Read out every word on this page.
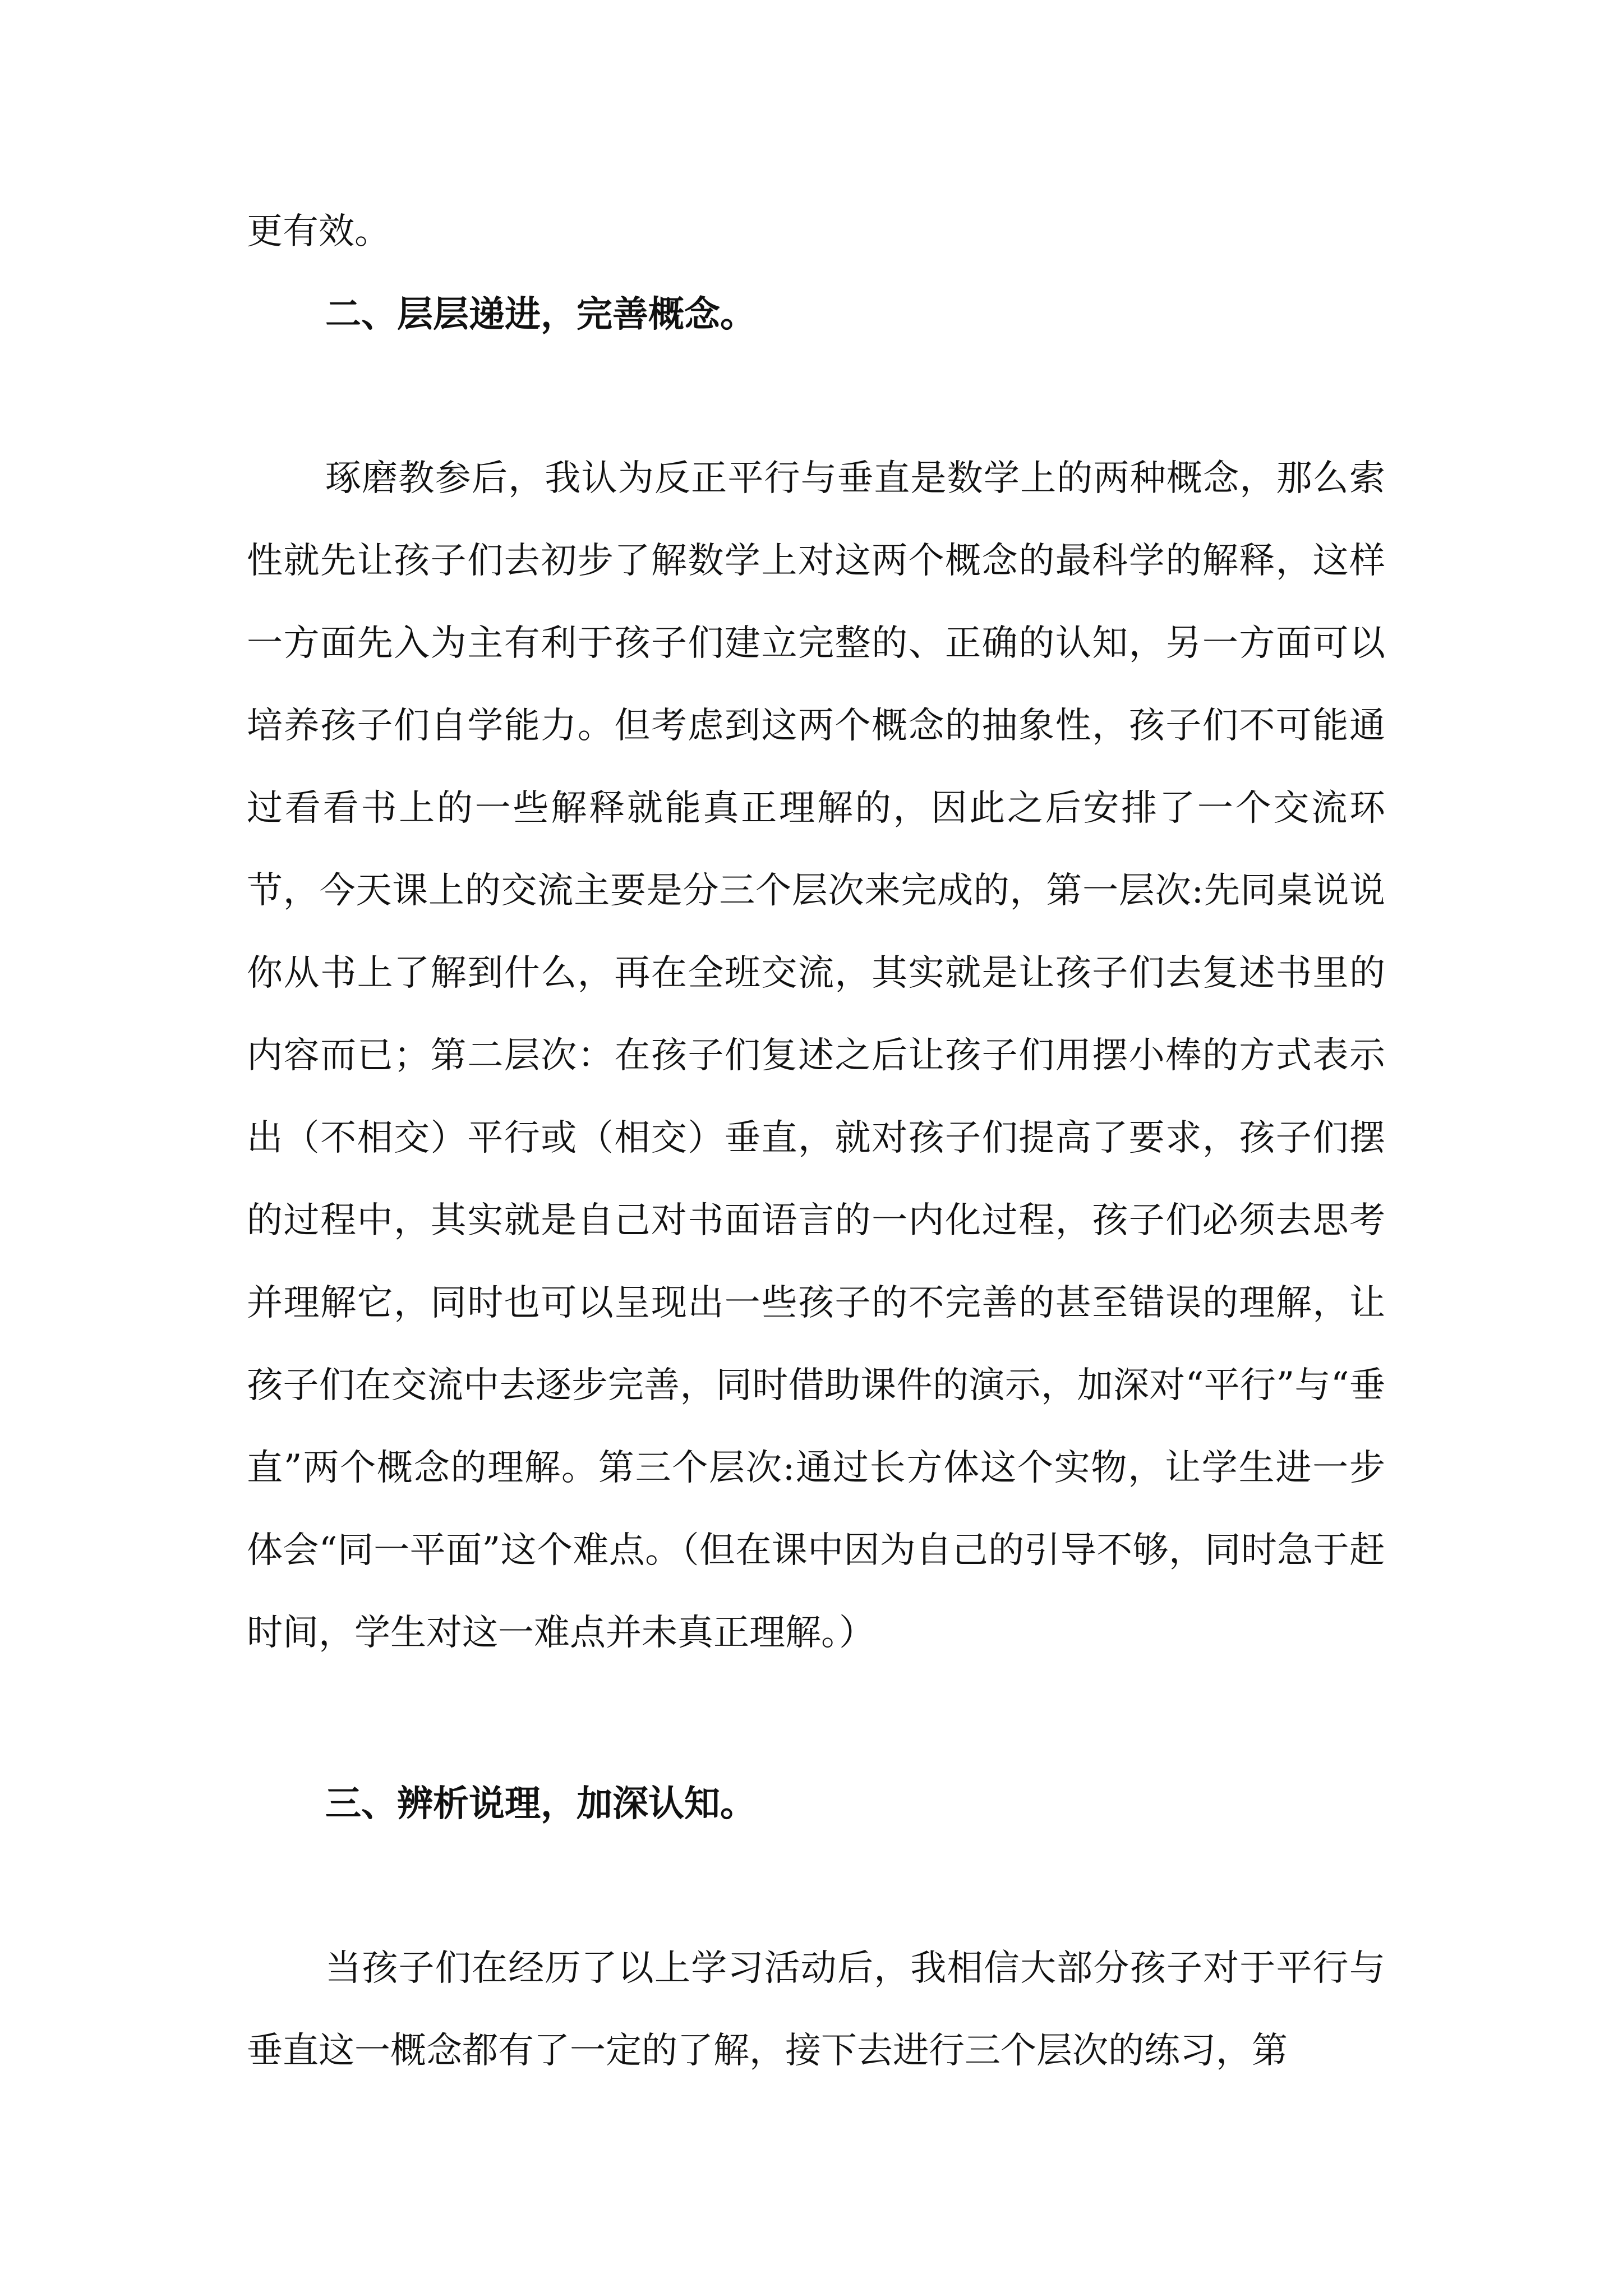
更有效。

二、层层递进，完善概念。

琢磨教参后，我认为反正平行与垂直是数学上的两种概念，那么索性就先让孩子们去初步了解数学上对这两个概念的最科学的解释，这样一方面先入为主有利于孩子们建立完整的、正确的认知，另一方面可以培养孩子们自学能力。但考虑到这两个概念的抽象性，孩子们不可能通过看看书上的一些解释就能真正理解的，因此之后安排了一个交流环节，今天课上的交流主要是分三个层次来完成的，第一层次:先同桌说说你从书上了解到什么，再在全班交流，其实就是让孩子们去复述书里的内容而已；第二层次：在孩子们复述之后让孩子们用摆小棒的方式表示出（不相交）平行或（相交）垂直，就对孩子们提高了要求，孩子们摆的过程中，其实就是自己对书面语言的一内化过程，孩子们必须去思考并理解它，同时也可以呈现出一些孩子的不完善的甚至错误的理解，让孩子们在交流中去逐步完善，同时借助课件的演示，加深对“平行”与“垂直”两个概念的理解。第三个层次:通过长方体这个实物，让学生进一步体会“同一平面”这个难点。（但在课中因为自己的引导不够，同时急于赶时间，学生对这一难点并未真正理解。）

三、辨析说理，加深认知。

当孩子们在经历了以上学习活动后，我相信大部分孩子对于平行与垂直这一概念都有了一定的了解，接下去进行三个层次的练习，第
